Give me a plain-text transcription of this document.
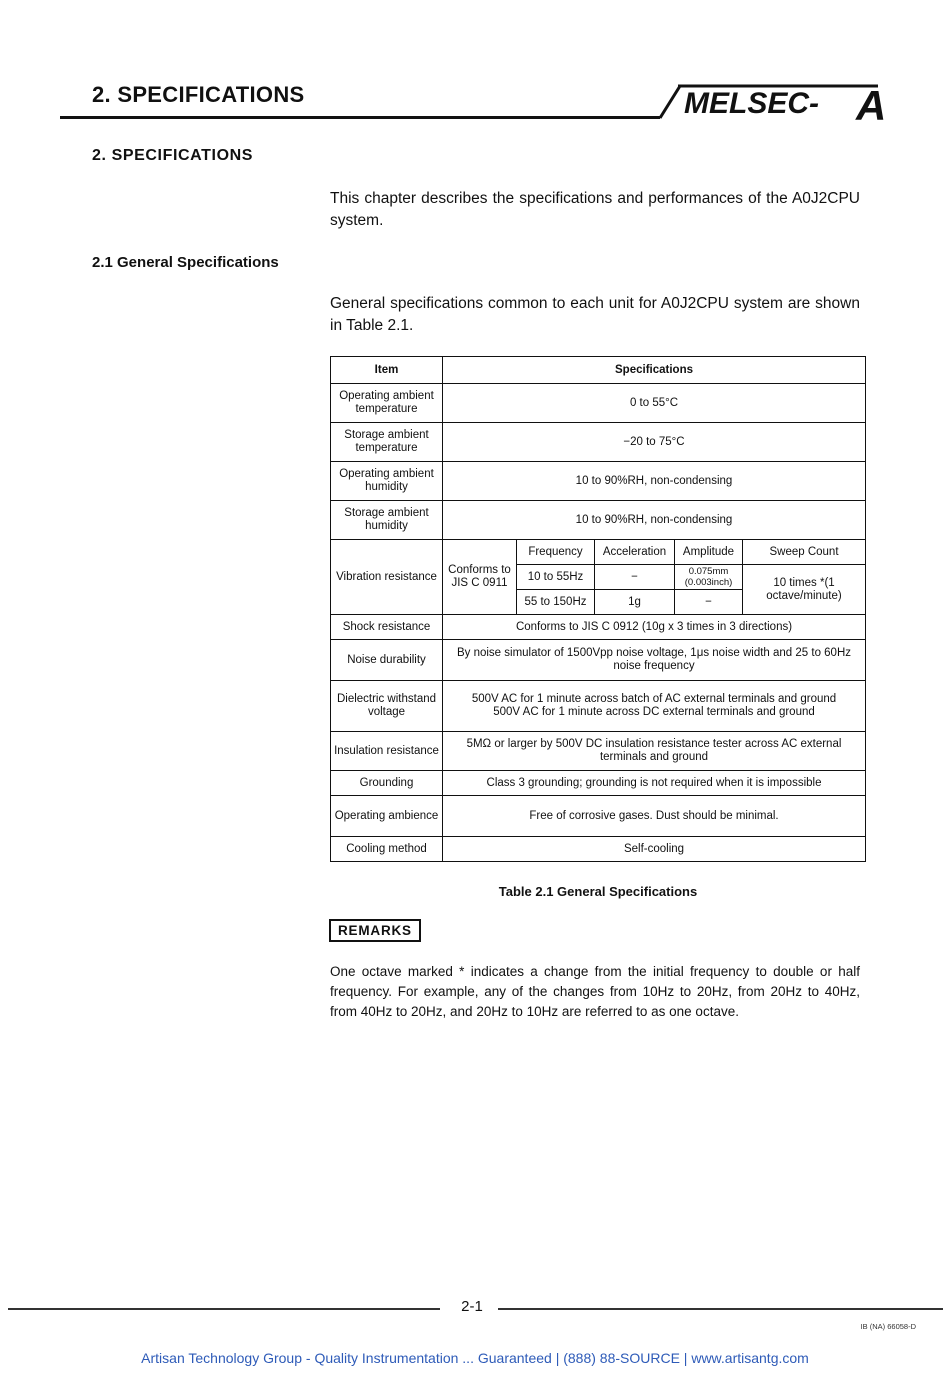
2. SPECIFICATIONS	MELSEC- A
2. SPECIFICATIONS
This chapter describes the specifications and performances of the A0J2CPU system.
2.1 General Specifications
General specifications common to each unit for A0J2CPU system are shown in Table 2.1.
Item	Specifications				
Operating ambient temperature	0 to 55°C				
Storage ambient temperature	−20 to 75°C				
Operating ambient humidity	10 to 90%RH, non-condensing				
Storage ambient humidity	10 to 90%RH, non-condensing				
Vibration resistance	Conforms to JIS C 0911	Frequency	Acceleration	Amplitude	Sweep Count
		10 to 55Hz	−	0.075mm (0.003inch)	10 times *(1 octave/minute)
		55 to 150Hz	1g	−	
Shock resistance	Conforms to JIS C 0912 (10g x 3 times in 3 directions)				
Noise durability	By noise simulator of 1500Vpp noise voltage, 1μs noise width and 25 to 60Hz noise frequency				
Dielectric withstand voltage	500V AC for 1 minute across batch of AC external terminals and ground
500V AC for 1 minute across DC external terminals and ground				

Insulation resistance	5MΩ or larger by 500V DC insulation resistance tester across AC external terminals and ground				
Grounding	Class 3 grounding; grounding is not required when it is impossible				
Operating ambience	Free of corrosive gases. Dust should be minimal.				
Cooling method	Self-cooling				
Table 2.1 General Specifications
REMARKS
One octave marked * indicates a change from the initial frequency to double or half frequency. For example, any of the changes from 10Hz to 20Hz, from 20Hz to 40Hz, from 40Hz to 20Hz, and 20Hz to 10Hz are referred to as one octave.
2-1
IB (NA) 66058-D
Artisan Technology Group - Quality Instrumentation ... Guaranteed | (888) 88-SOURCE | www.artisantg.com
